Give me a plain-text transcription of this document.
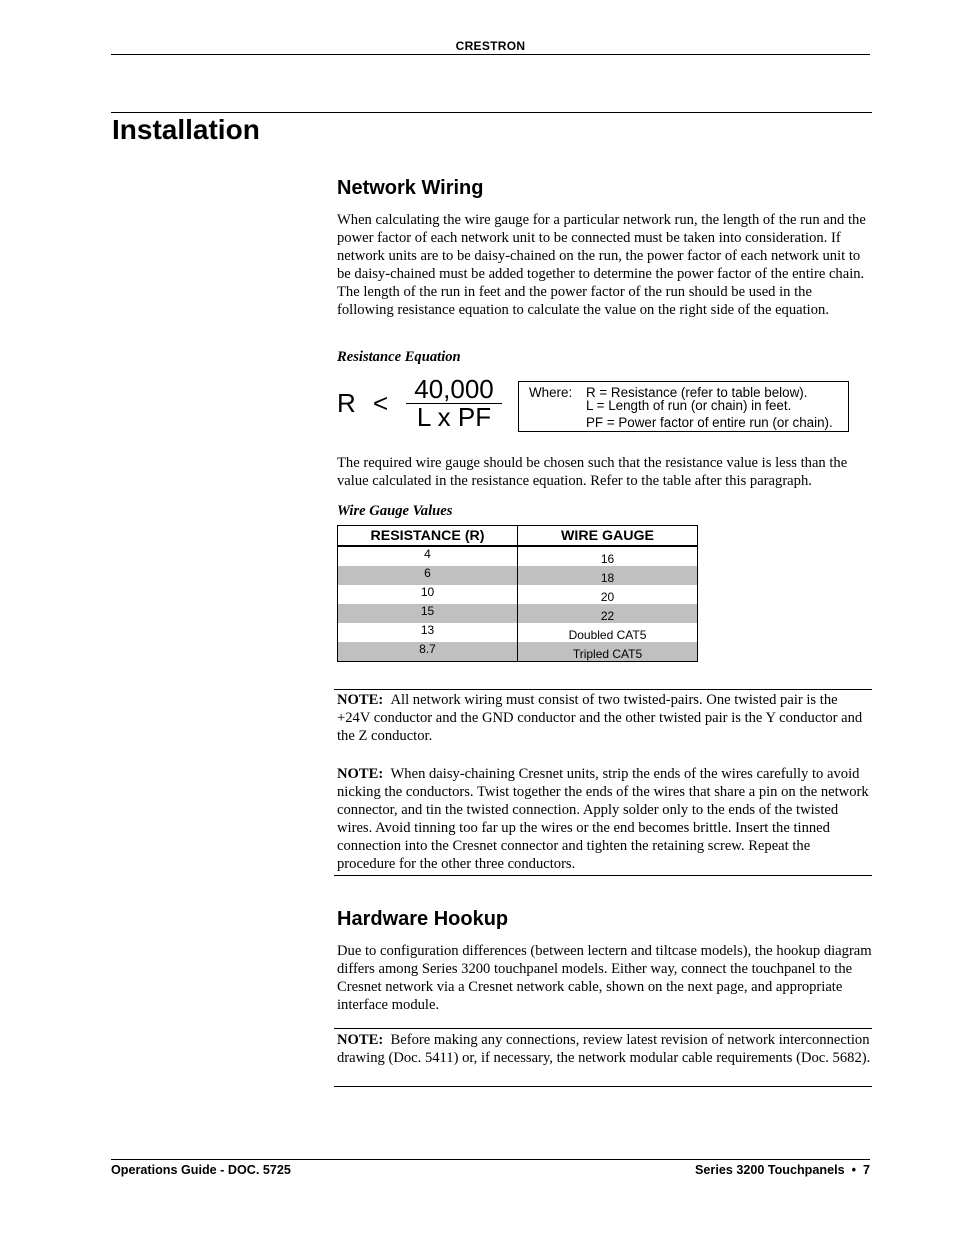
CRESTRON
Installation
Network Wiring
When calculating the wire gauge for a particular network run, the length of the run and the power factor of each network unit to be connected must be taken into consideration. If network units are to be daisy-chained on the run, the power factor of each network unit to be daisy-chained must be added together to determine the power factor of the entire chain. The length of the run in feet and the power factor of the run should be used in the following resistance equation to calculate the value on the right side of the equation.
Resistance Equation
R <	40,000
L x PF
Where: R = Resistance (refer to table below).
L = Length of run (or chain) in feet.
PF = Power factor of entire run (or chain).
The required wire gauge should be chosen such that the resistance value is less than the value calculated in the resistance equation. Refer to the table after this paragraph.
Wire Gauge Values
RESISTANCE (R)	WIRE GAUGE
4	16
6	18
10	20
15	22
13	Doubled CAT5
8.7	Tripled CAT5
NOTE: All network wiring must consist of two twisted-pairs. One twisted pair is the +24V conductor and the GND conductor and the other twisted pair is the Y conductor and the Z conductor.
NOTE: When daisy-chaining Cresnet units, strip the ends of the wires carefully to avoid nicking the conductors. Twist together the ends of the wires that share a pin on the network connector, and tin the twisted connection. Apply solder only to the ends of the twisted wires. Avoid tinning too far up the wires or the end becomes brittle. Insert the tinned connection into the Cresnet connector and tighten the retaining screw. Repeat the procedure for the other three conductors.
Hardware Hookup
Due to configuration differences (between lectern and tiltcase models), the hookup diagram differs among Series 3200 touchpanel models. Either way, connect the touchpanel to the Cresnet network via a Cresnet network cable, shown on the next page, and appropriate interface module.
NOTE: Before making any connections, review latest revision of network interconnection drawing (Doc. 5411) or, if necessary, the network modular cable requirements (Doc. 5682).
Operations Guide - DOC. 5725	Series 3200 Touchpanels  •  7
